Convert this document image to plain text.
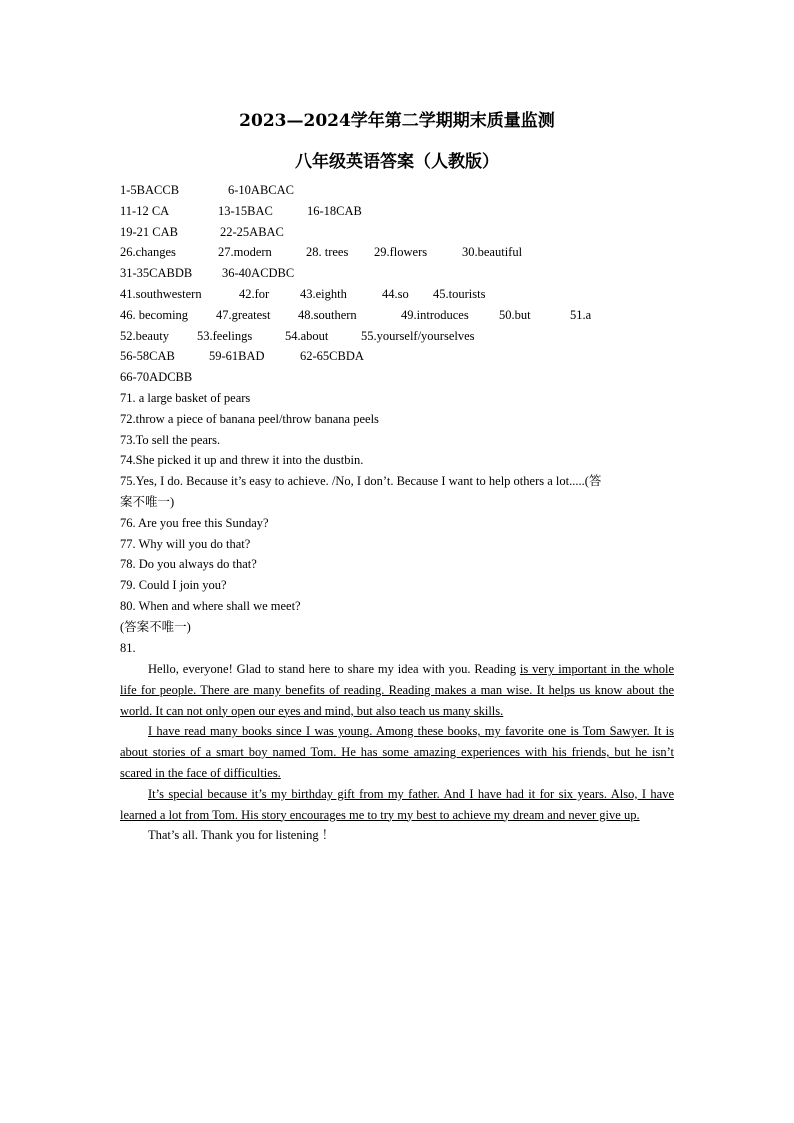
2023—2024学年第二学期期末质量监测
八年级英语答案（人教版）
1-5BACCB	6-10ABCAC
11-12 CA	13-15BAC	16-18CAB
19-21 CAB	22-25ABAC
26.changes	27.modern	28. trees 29.flowers	30.beautiful
31-35CABDB 36-40ACDBC
41.southwestern	42.for 43.eighth	44.so 45.tourists
46. becoming 47.greatest 48.southern	49.introduces 50.but	51.a
52.beauty 53.feelings	54.about	55.yourself/yourselves
56-58CAB	59-61BAD	62-65CBDA
66-70ADCBB
71. a large basket of pears
72.throw a piece of banana peel/throw banana peels
73.To sell the pears.
74.She picked it up and threw it into the dustbin.
75.Yes, I do. Because it’s easy to achieve. /No, I don’t. Because I want to help others a lot.....(答
案不唯一)
76. Are you free this Sunday?
77. Why will you do that?
78. Do you always do that?
79. Could I join you?
80. When and where shall we meet?
(答案不唯一)
81.

Hello, everyone! Glad to stand here to share my idea with you. Reading is very important in the whole life for people. There are many benefits of reading. Reading makes a man wise. It helps us know about the world. It can not only open our eyes and mind, but also teach us many skills.

I have read many books since I was young. Among these books, my favorite one is Tom Sawyer. It is about stories of a smart boy named Tom. He has some amazing experiences with his friends, but he isn’t scared in the face of difficulties.

It’s special because it’s my birthday gift from my father. And I have had it for six years. Also, I have learned a lot from Tom. His story encourages me to try my best to achieve my dream and never give up.

That’s all. Thank you for listening ！
